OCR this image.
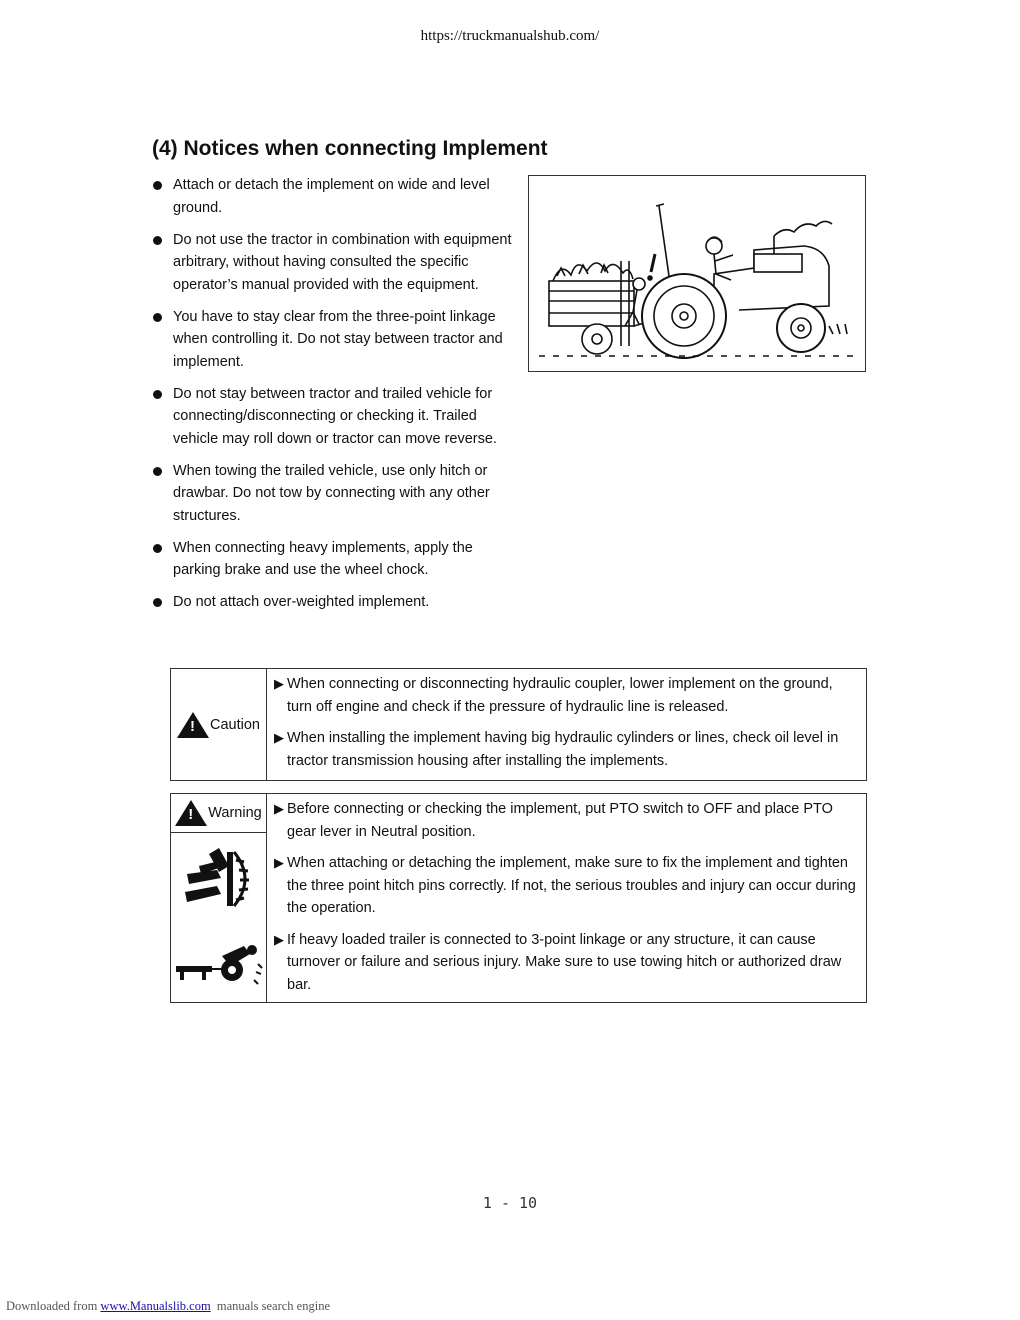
https://truckmanualshub.com/
(4) Notices when connecting Implement
Attach or detach the implement on wide and level ground.
Do not use the tractor in combination with equipment arbitrary, without having consulted the specific operator’s manual provided with the equipment.
You have to stay clear from the three-point linkage when controlling it. Do not stay between tractor and implement.
Do not stay between tractor and trailed vehicle for connecting/disconnecting or checking it. Trailed vehicle may roll down or tractor can move reverse.
When towing the trailed vehicle, use only hitch or drawbar. Do not tow by connecting with any other structures.
When connecting heavy implements, apply the parking brake and use the wheel chock.
Do not attach over-weighted implement.
! Caution
▶ When connecting or disconnecting hydraulic coupler, lower implement on the ground, turn off engine and check if the pressure of hydraulic line is released.
▶ When installing the implement having big hydraulic cylinders or lines, check oil level in tractor transmission housing after installing the implements.
! Warning ▶ Before connecting or checking the implement, put PTO switch to OFF and place PTO gear lever in Neutral position.
▶ When attaching or detaching the implement, make sure to fix the implement and tighten the three point hitch pins correctly. If not, the serious troubles and injury can occur during the operation.
▶ If heavy loaded trailer is connected to 3-point linkage or any structure, it can cause turnover or failure and serious injury. Make sure to use towing hitch or authorized draw bar.
1 - 10
Downloaded from www.Manualslib.com manuals search engine
